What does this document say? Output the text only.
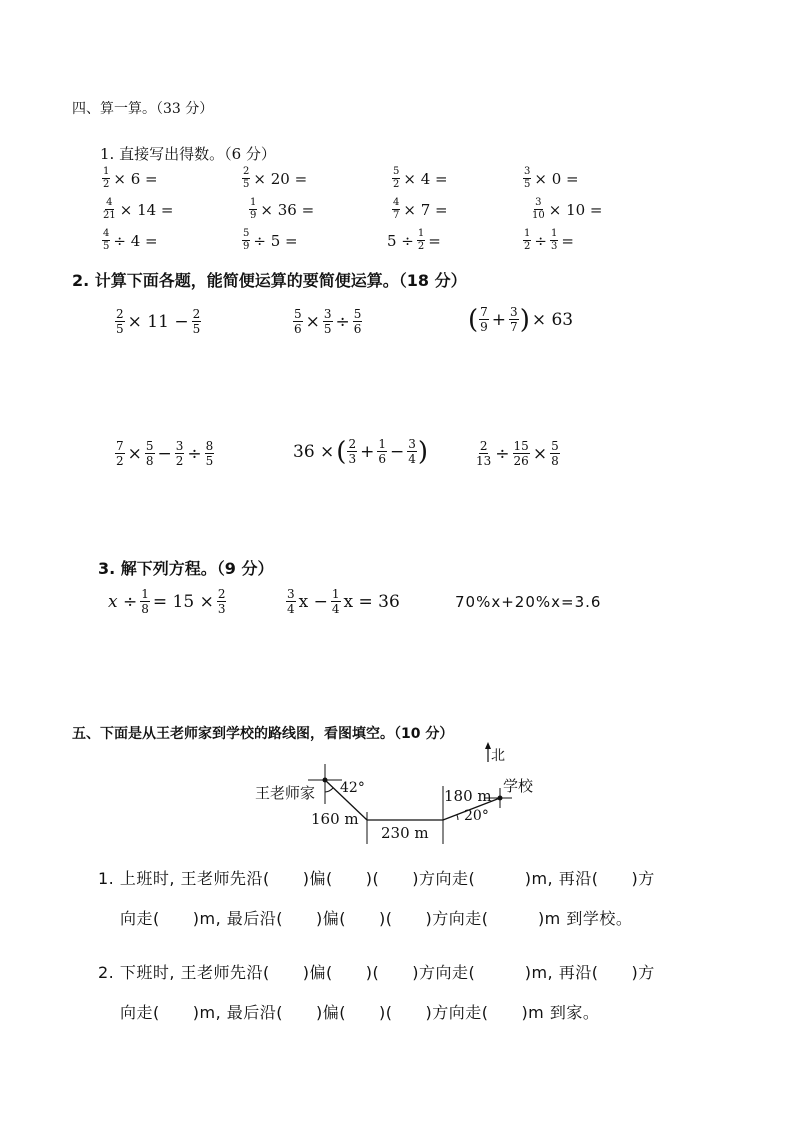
四、算一算。（33 分）
1. 直接写出得数。（6 分）
$\frac{1}{2} \times 6$ =	$\frac{2}{5} \times 20$ =	$\frac{5}{2} \times 4$ =	$\frac{3}{5} \times 0$ =
$\frac{4}{21} \times 14$ =	$\frac{1}{9} \times 36$ =	$\frac{4}{7} \times 7$ =	$\frac{3}{10} \times 10$ =
$\frac{4}{5} \div 4$ =	$\frac{5}{9} \div 5$ =	$5 \div \frac{1}{2}$ =	$\frac{1}{2} \div \frac{1}{3}$ =
2. 计算下面各题，能简便运算的要简便运算。（18 分）
$\frac{2}{5} \times 11 - \frac{2}{5}$	$\frac{5}{6} \times \frac{3}{5} \div \frac{5}{6}$	( $\frac{7}{9} + \frac{3}{7}$ ) × 63
$\frac{7}{2} \times \frac{5}{8} - \frac{3}{2} \div \frac{8}{5}$	36 × ( $\frac{2}{3} + \frac{1}{6} - \frac{3}{4}$ )	$\frac{2}{13} \div \frac{15}{26} \times \frac{5}{8}$
3. 解下列方程。（9 分）
$x \div \frac{1}{8} = 15 \times \frac{2}{3}$	$\frac{3}{4}$ $x - \frac{1}{4}$ x = 36	70%x+20%x=3.6
五、下面是从王老师家到学校的路线图，看图填空。（10 分）
北
王老师家	学校
42°
20°
160 m
230 m
180 m
1. 上班时, 王老师先沿(　　)偏(　　)(　　)方向走(　　　)m, 再沿(　　)方
向走(　　)m, 最后沿(　　)偏(　　)(　　)方向走(　　　)m 到学校。
2. 下班时, 王老师先沿(　　)偏(　　)(　　)方向走(　　　)m, 再沿(　　)方
向走(　　)m, 最后沿(　　)偏(　　)(　　)方向走(　　)m 到家。
